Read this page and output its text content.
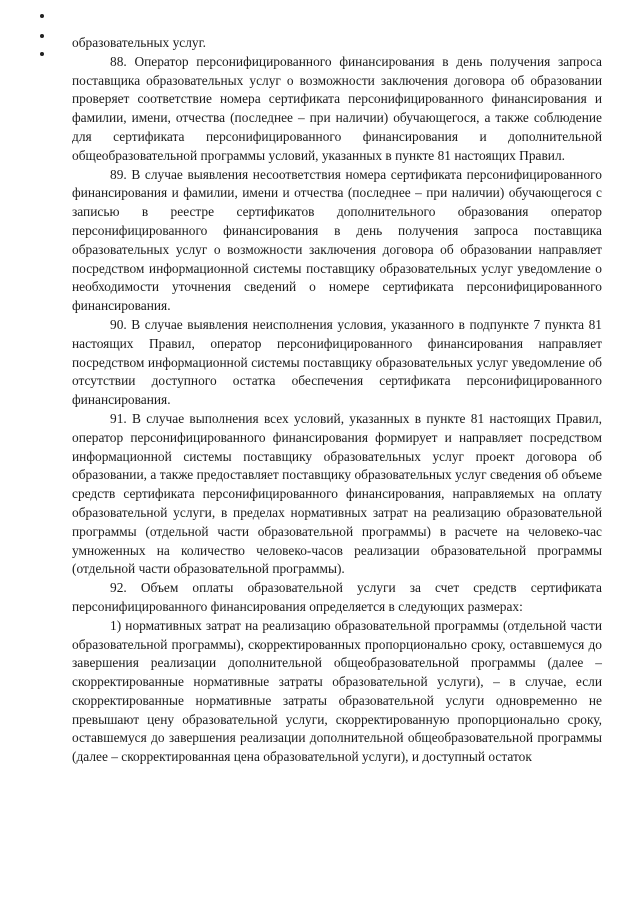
образовательных услуг.

88. Оператор персонифицированного финансирования в день получения запроса поставщика образовательных услуг о возможности заключения договора об образовании проверяет соответствие номера сертификата персонифицированного финансирования и фамилии, имени, отчества (последнее – при наличии) обучающегося, а также соблюдение для сертификата персонифицированного финансирования и дополнительной общеобразовательной программы условий, указанных в пункте 81 настоящих Правил.

89. В случае выявления несоответствия номера сертификата персонифицированного финансирования и фамилии, имени и отчества (последнее – при наличии) обучающегося с записью в реестре сертификатов дополнительного образования оператор персонифицированного финансирования в день получения запроса поставщика образовательных услуг о возможности заключения договора об образовании направляет посредством информационной системы поставщику образовательных услуг уведомление о необходимости уточнения сведений о номере сертификата персонифицированного финансирования.

90. В случае выявления неисполнения условия, указанного в подпункте 7 пункта 81 настоящих Правил, оператор персонифицированного финансирования направляет посредством информационной системы поставщику образовательных услуг уведомление об отсутствии доступного остатка обеспечения сертификата персонифицированного финансирования.

91. В случае выполнения всех условий, указанных в пункте 81 настоящих Правил, оператор персонифицированного финансирования формирует и направляет посредством информационной системы поставщику образовательных услуг проект договора об образовании, а также предоставляет поставщику образовательных услуг сведения об объеме средств сертификата персонифицированного финансирования, направляемых на оплату образовательной услуги, в пределах нормативных затрат на реализацию образовательной программы (отдельной части образовательной программы) в расчете на человеко-час умноженных на количество человеко-часов реализации образовательной программы (отдельной части образовательной программы).

92. Объем оплаты образовательной услуги за счет средств сертификата персонифицированного финансирования определяется в следующих размерах:

1) нормативных затрат на реализацию образовательной программы (отдельной части образовательной программы), скорректированных пропорционально сроку, оставшемуся до завершения реализации дополнительной общеобразовательной программы (далее – скорректированные нормативные затраты образовательной услуги), – в случае, если скорректированные нормативные затраты образовательной услуги одновременно не превышают цену образовательной услуги, скорректированную пропорционально сроку, оставшемуся до завершения реализации дополнительной общеобразовательной программы (далее – скорректированная цена образовательной услуги), и доступный остаток
